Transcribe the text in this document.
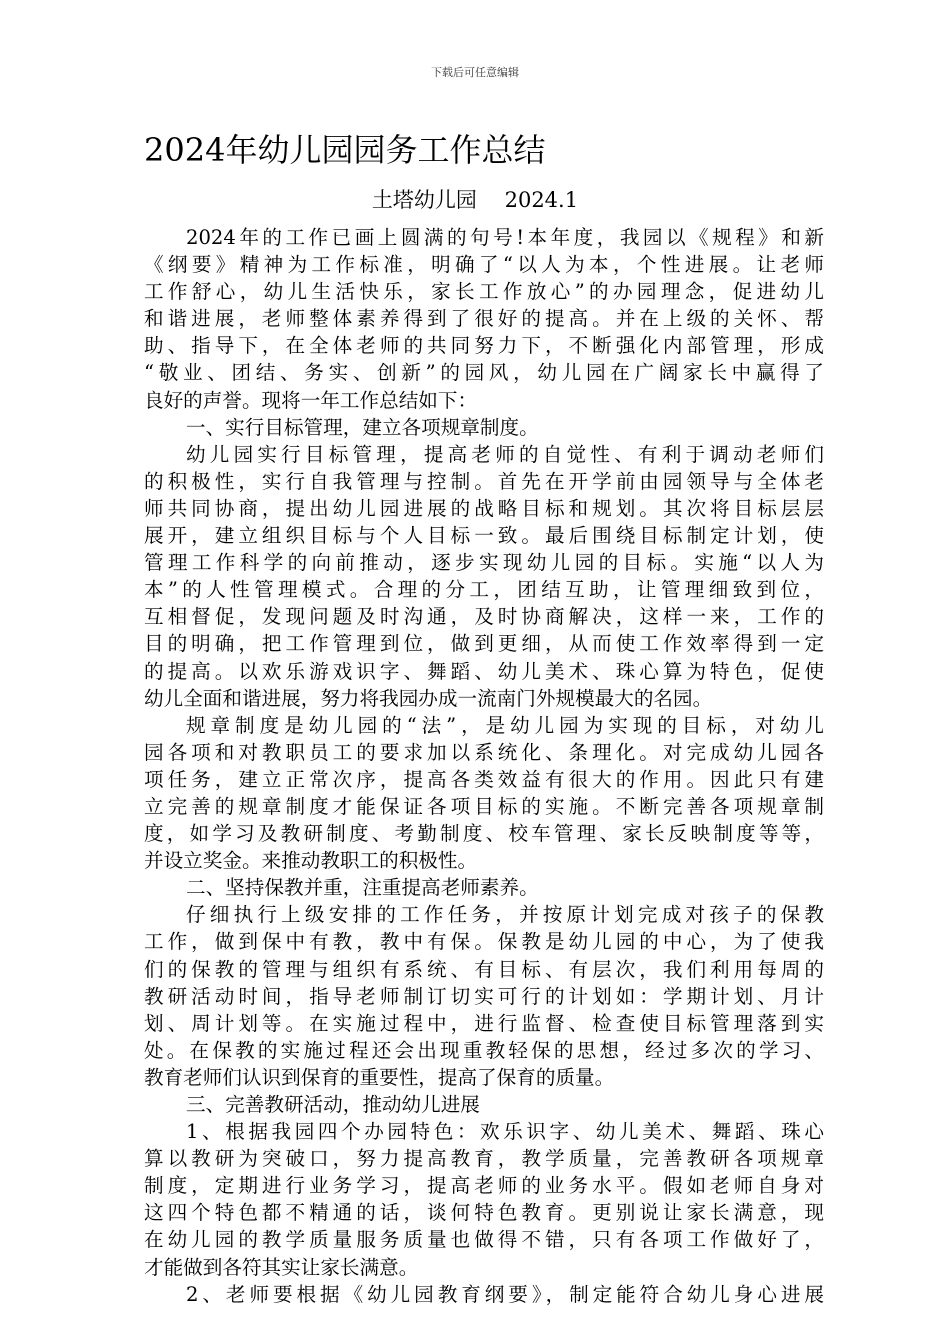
下载后可任意编辑
2024年幼儿园园务工作总结
土塔幼儿园　 2024.1
2024年的工作已画上圆满的句号!本年度，我园以《规程》和新
《纲要》精神为工作标准，明确了“以人为本，个性进展。让老师
工作舒心，幼儿生活快乐，家长工作放心”的办园理念，促进幼儿
和谐进展，老师整体素养得到了很好的提高。并在上级的关怀、帮
助、指导下，在全体老师的共同努力下，不断强化内部管理，形成
“敬业、团结、务实、创新”的园风，幼儿园在广阔家长中赢得了
良好的声誉。现将一年工作总结如下：
一、实行目标管理，建立各项规章制度。
幼儿园实行目标管理，提高老师的自觉性、有利于调动老师们
的积极性，实行自我管理与控制。首先在开学前由园领导与全体老
师共同协商，提出幼儿园进展的战略目标和规划。其次将目标层层
展开，建立组织目标与个人目标一致。最后围绕目标制定计划，使
管理工作科学的向前推动，逐步实现幼儿园的目标。实施“以人为
本”的人性管理模式。合理的分工，团结互助，让管理细致到位，
互相督促，发现问题及时沟通，及时协商解决，这样一来，工作的
目的明确，把工作管理到位，做到更细，从而使工作效率得到一定
的提高。以欢乐游戏识字、舞蹈、幼儿美术、珠心算为特色，促使
幼儿全面和谐进展，努力将我园办成一流南门外规模最大的名园。
规章制度是幼儿园的“法”，是幼儿园为实现的目标，对幼儿
园各项和对教职员工的要求加以系统化、条理化。对完成幼儿园各
项任务，建立正常次序，提高各类效益有很大的作用。因此只有建
立完善的规章制度才能保证各项目标的实施。不断完善各项规章制
度，如学习及教研制度、考勤制度、校车管理、家长反映制度等等，
并设立奖金。来推动教职工的积极性。
二、坚持保教并重，注重提高老师素养。
仔细执行上级安排的工作任务，并按原计划完成对孩子的保教
工作，做到保中有教，教中有保。保教是幼儿园的中心，为了使我
们的保教的管理与组织有系统、有目标、有层次，我们利用每周的
教研活动时间，指导老师制订切实可行的计划如：学期计划、月计
划、周计划等。在实施过程中，进行监督、检查使目标管理落到实
处。在保教的实施过程还会出现重教轻保的思想，经过多次的学习、
教育老师们认识到保育的重要性，提高了保育的质量。
三、完善教研活动，推动幼儿进展
1、根据我园四个办园特色：欢乐识字、幼儿美术、舞蹈、珠心
算以教研为突破口，努力提高教育，教学质量，完善教研各项规章
制度，定期进行业务学习，提高老师的业务水平。假如老师自身对
这四个特色都不精通的话，谈何特色教育。更别说让家长满意，现
在幼儿园的教学质量服务质量也做得不错，只有各项工作做好了，
才能做到各符其实让家长满意。
2、老师要根据《幼儿园教育纲要》，制定能符合幼儿身心进展
